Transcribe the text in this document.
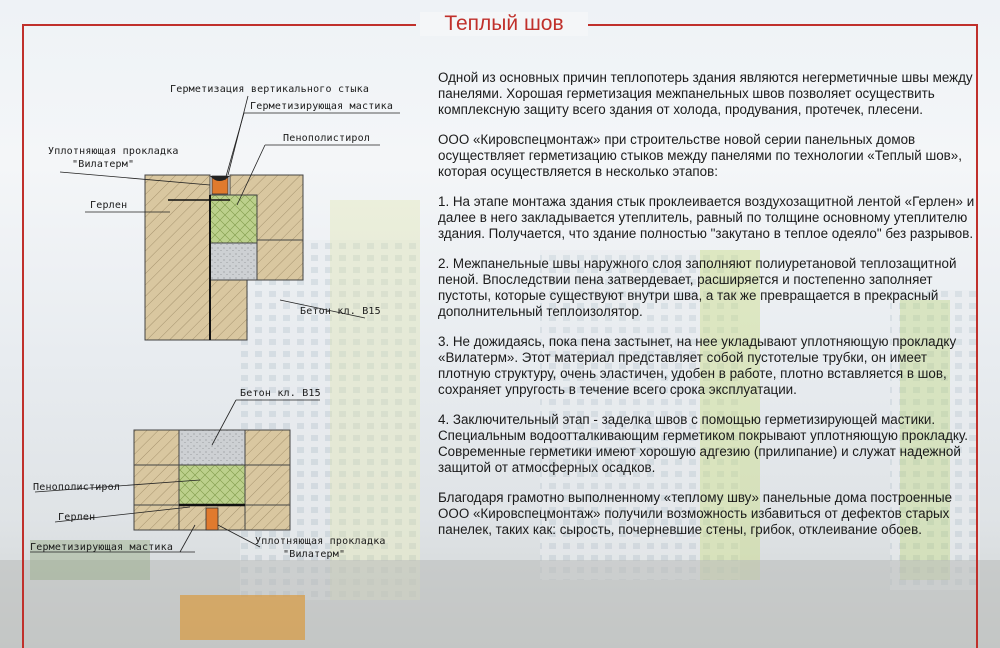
Теплый шов
Герметизация вертикального стыка
Герметизирующая мастика
Пенополистирол
Уплотняющая прокладка
"Вилатерм"
Герлен
Бетон кл. В15
Бетон кл. В15
Пенополистирол
Герлен
Герметизирующая мастика
Уплотняющая прокладка
"Вилатерм"

Одной из основных причин теплопотерь здания являются негерметичные швы между панелями. Хорошая герметизация межпанельных швов позволяет осуществить комплексную защиту всего здания от холода, продувания, протечек, плесени.

ООО «Кировспецмонтаж» при строительстве новой серии панельных домов осуществляет герметизацию стыков между панелями по технологии «Теплый шов», которая осуществляется в несколько этапов:

1. На этапе монтажа здания стык проклеивается воздухозащитной лентой «Герлен» и далее в него закладывается утеплитель, равный по толщине основному утеплителю здания. Получается, что здание полностью "закутано в теплое одеяло" без разрывов.

2. Межпанельные швы наружного слоя заполняют полиуретановой теплозащитной пеной. Впоследствии пена затвердевает, расширяется и постепенно заполняет пустоты, которые существуют внутри шва, а так же превращается в прекрасный дополнительный теплоизолятор.

3. Не дожидаясь, пока пена застынет, на нее укладывают уплотняющую прокладку «Вилатерм». Этот материал представляет собой пустотелые трубки, он имеет плотную структуру, очень эластичен, удобен в работе, плотно вставляется в шов, сохраняет упругость в течение всего срока эксплуатации.

4. Заключительный этап - заделка швов с помощью герметизирующей мастики. Специальным водоотталкивающим герметиком покрывают уплотняющую прокладку. Современные герметики имеют хорошую адгезию (прилипание) и служат надежной защитой от атмосферных осадков.

Благодаря грамотно выполненному «теплому шву» панельные дома построенные ООО «Кировспецмонтаж» получили возможность избавиться от дефектов старых панелек, таких как: сырость, почерневшие стены, грибок, отклеивание обоев.
